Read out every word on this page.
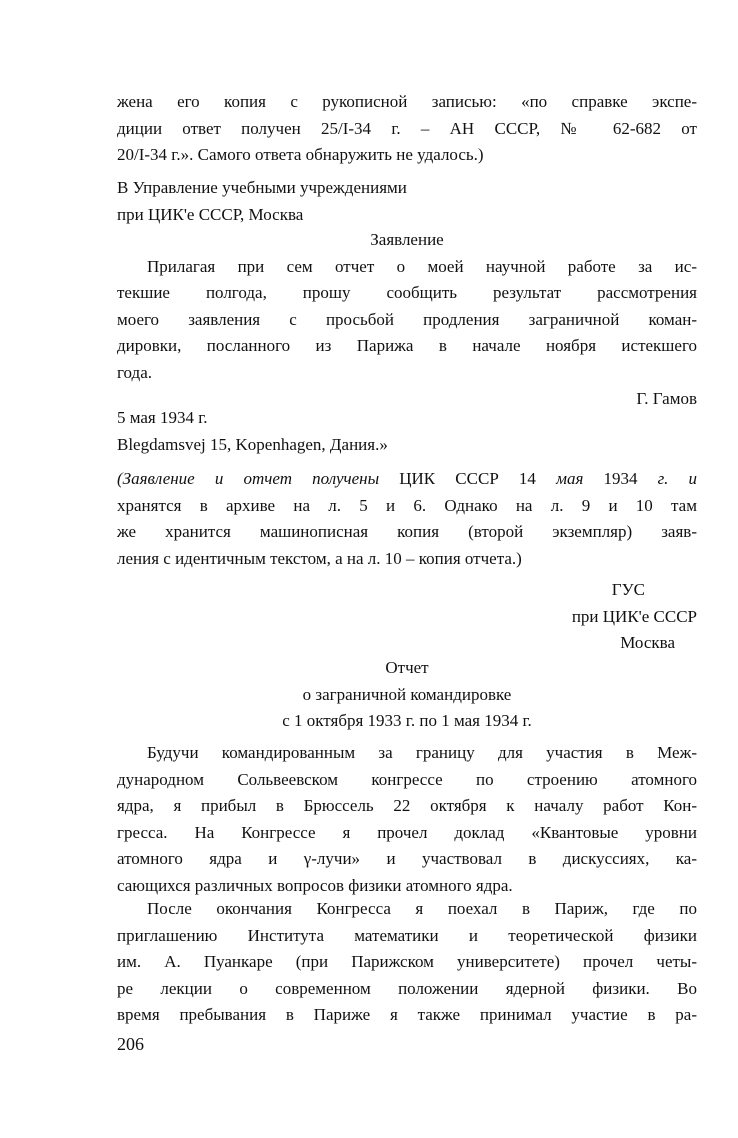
жена его копия с рукописной записью: «по справке экспе-

диции ответ получен 25/I-34 г. – АН СССР, № 62-682 от

20/I-34 г.». Самого ответа обнаружить не удалось.)

В Управление учебными учреждениями

при ЦИК'е СССР, Москва

Заявление

Прилагая при сем отчет о моей научной работе за ис-

текшие полгода, прошу сообщить результат рассмотрения

моего заявления с просьбой продления заграничной коман-

дировки, посланного из Парижа в начале ноября истекшего

года.

Г. Гамов

5 мая 1934 г.

Blegdamsvej 15, Kopenhagen, Дания.»

(Заявление и отчет получены ЦИК СССР 14 мая 1934 г. и

хранятся в архиве на л. 5 и 6. Однако на л. 9 и 10 там

же хранится машинописная копия (второй экземпляр) заяв-

ления с идентичным текстом, а на л. 10 – копия отчета.)

ГУС

при ЦИК'е СССР

Москва

Отчет

о заграничной командировке

с 1 октября 1933 г. по 1 мая 1934 г.

Будучи командированным за границу для участия в Меж-

дународном Сольвеевском конгрессе по строению атомного

ядра, я прибыл в Брюссель 22 октября к началу работ Кон-

гресса. На Конгрессе я прочел доклад «Квантовые уровни

атомного ядра и γ-лучи» и участвовал в дискуссиях, ка-

сающихся различных вопросов физики атомного ядра.

После окончания Конгресса я поехал в Париж, где по

приглашению Института математики и теоретической физики

им. А. Пуанкаре (при Парижском университете) прочел четы-

ре лекции о современном положении ядерной физики. Во

время пребывания в Париже я также принимал участие в ра-

206
